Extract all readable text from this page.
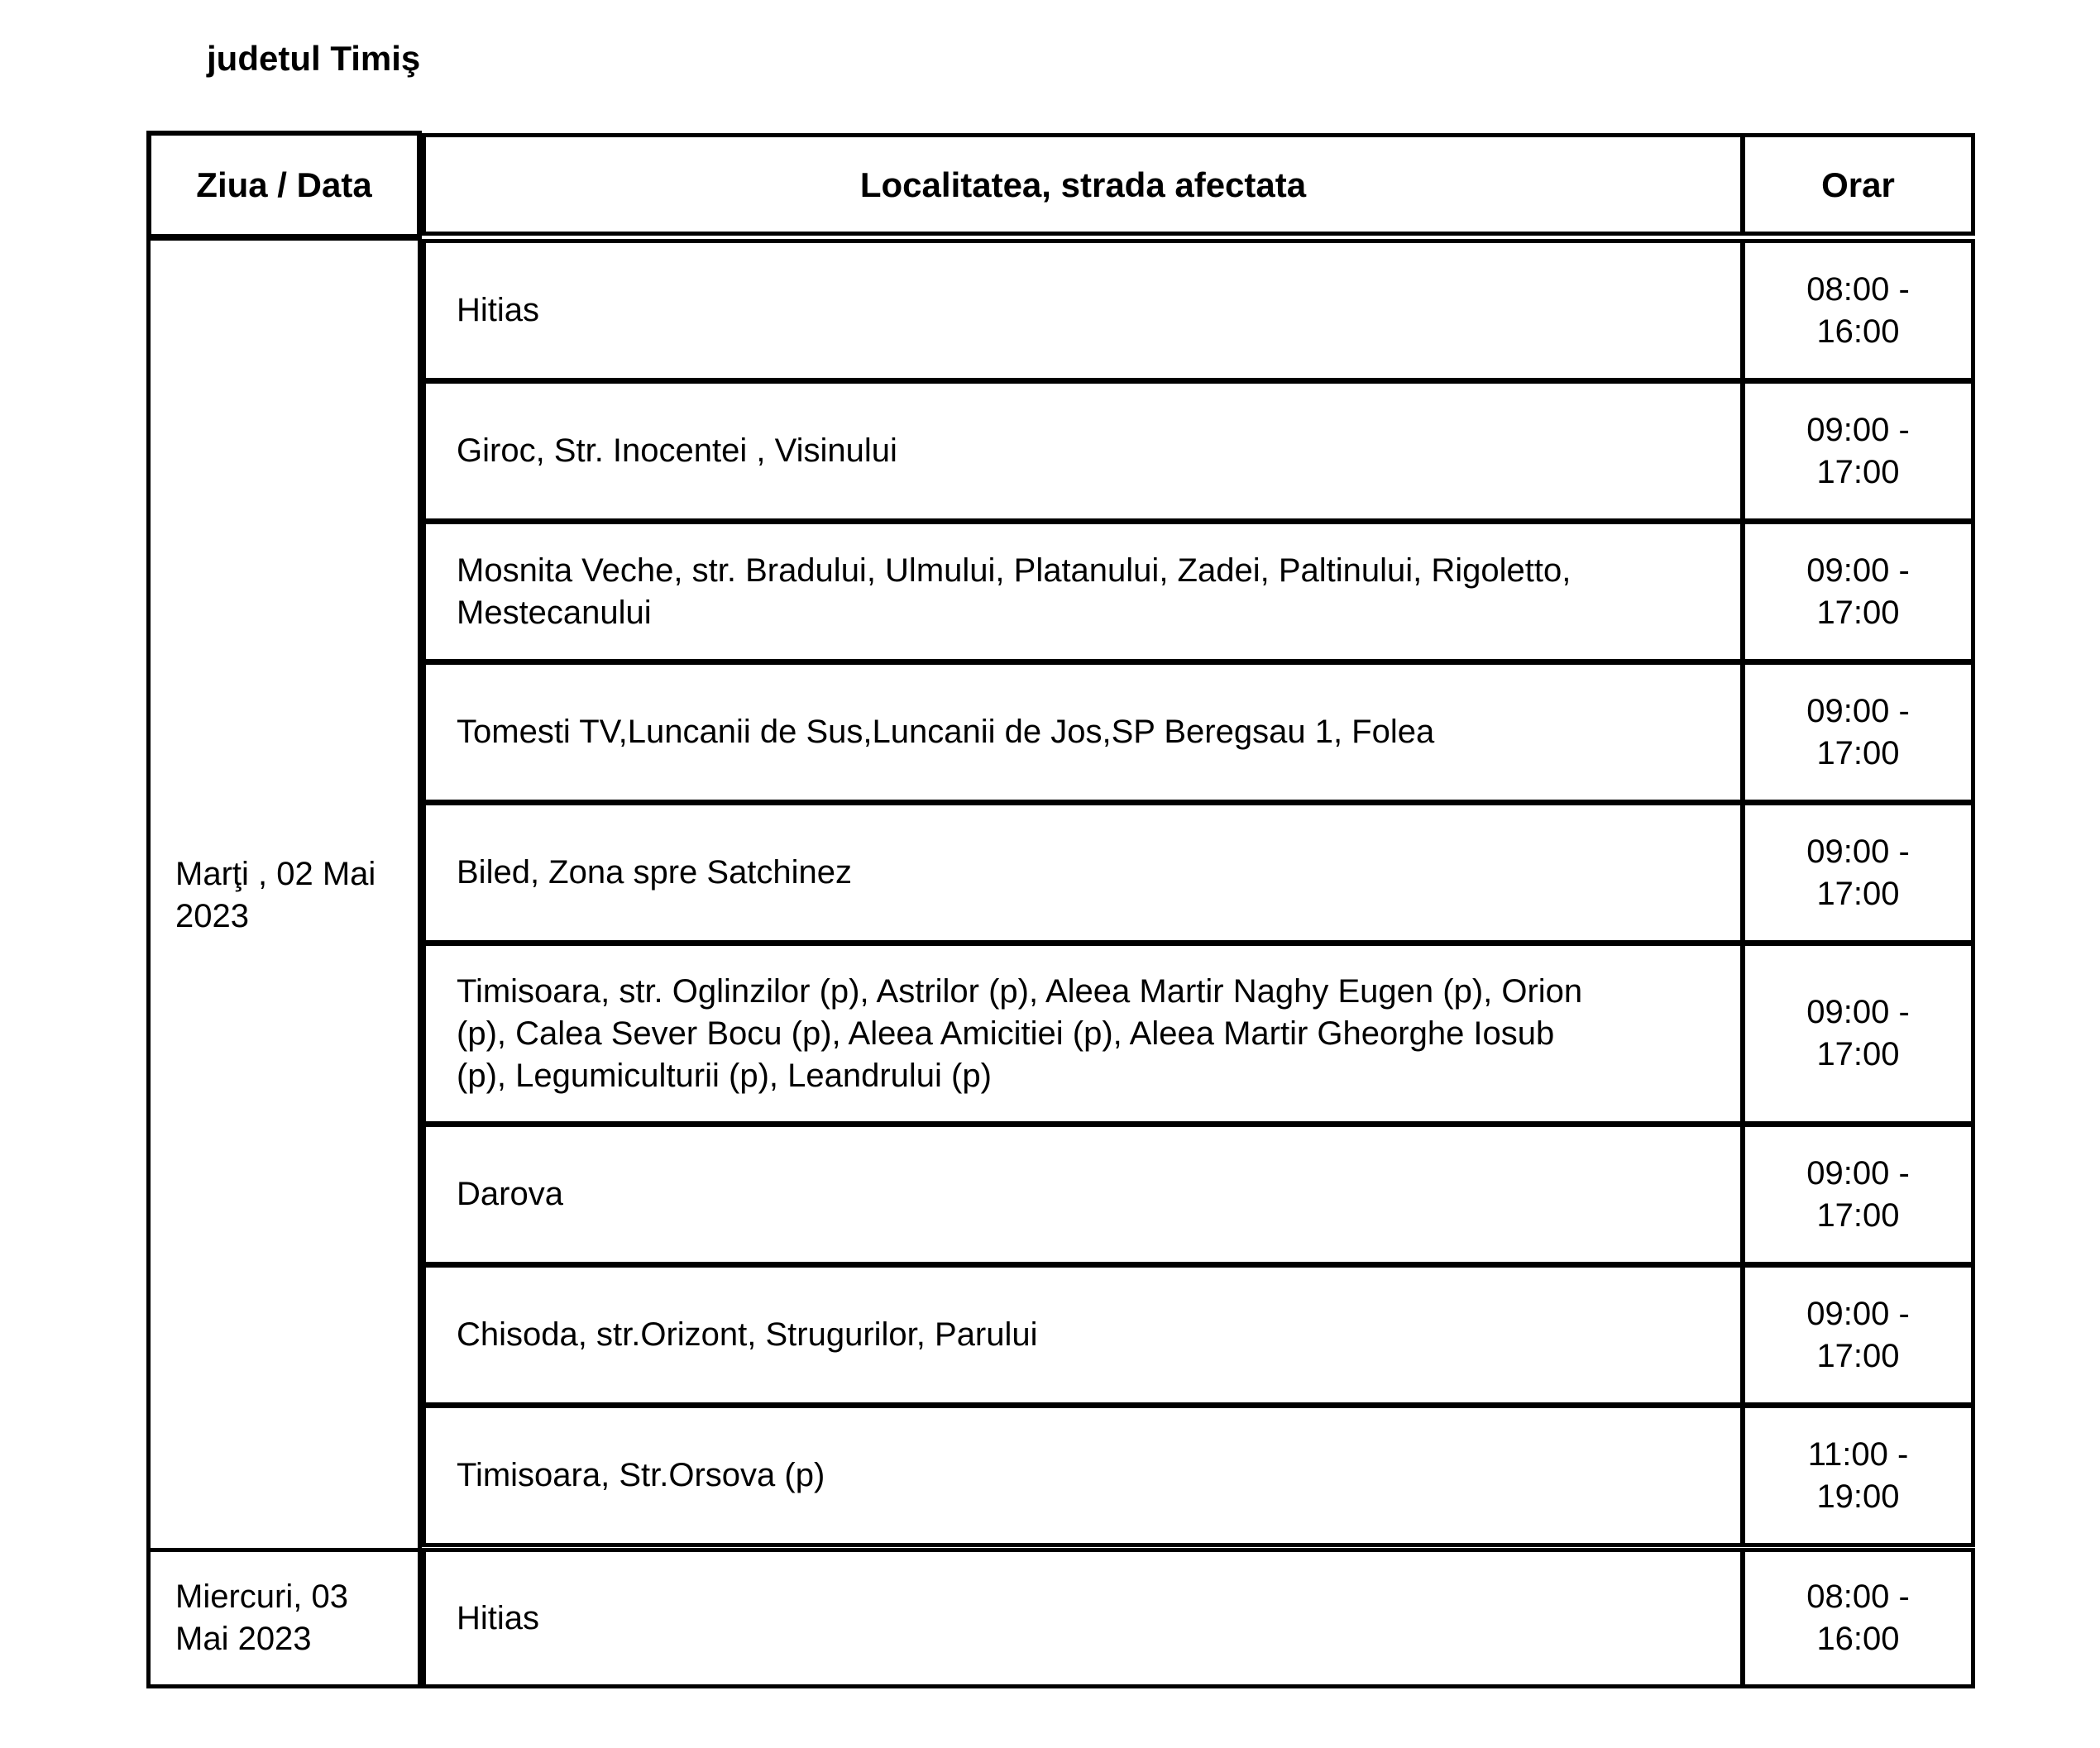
judetul Timiş
Ziua / Data	Localitatea, strada afectata	Orar
Marţi , 02 Mai
2023
Hitias
08:00 -
16:00
Giroc, Str. Inocentei , Visinului
09:00 -
17:00
Mosnita Veche, str. Bradului, Ulmului, Platanului, Zadei, Paltinului, Rigoletto,
Mestecanului
09:00 -
17:00
Tomesti TV,Luncanii de Sus,Luncanii de Jos,SP Beregsau 1, Folea
09:00 -
17:00
Biled, Zona spre Satchinez
09:00 -
17:00
Timisoara, str. Oglinzilor (p), Astrilor (p), Aleea Martir Naghy Eugen (p), Orion
(p), Calea Sever Bocu (p), Aleea Amicitiei (p), Aleea Martir Gheorghe Iosub
(p), Legumiculturii (p), Leandrului (p)
09:00 -
17:00
Darova
09:00 -
17:00
Chisoda, str.Orizont, Strugurilor, Parului
09:00 -
17:00
Timisoara, Str.Orsova (p)
11:00 -
19:00
Miercuri, 03
Mai 2023
Hitias
08:00 -
16:00
